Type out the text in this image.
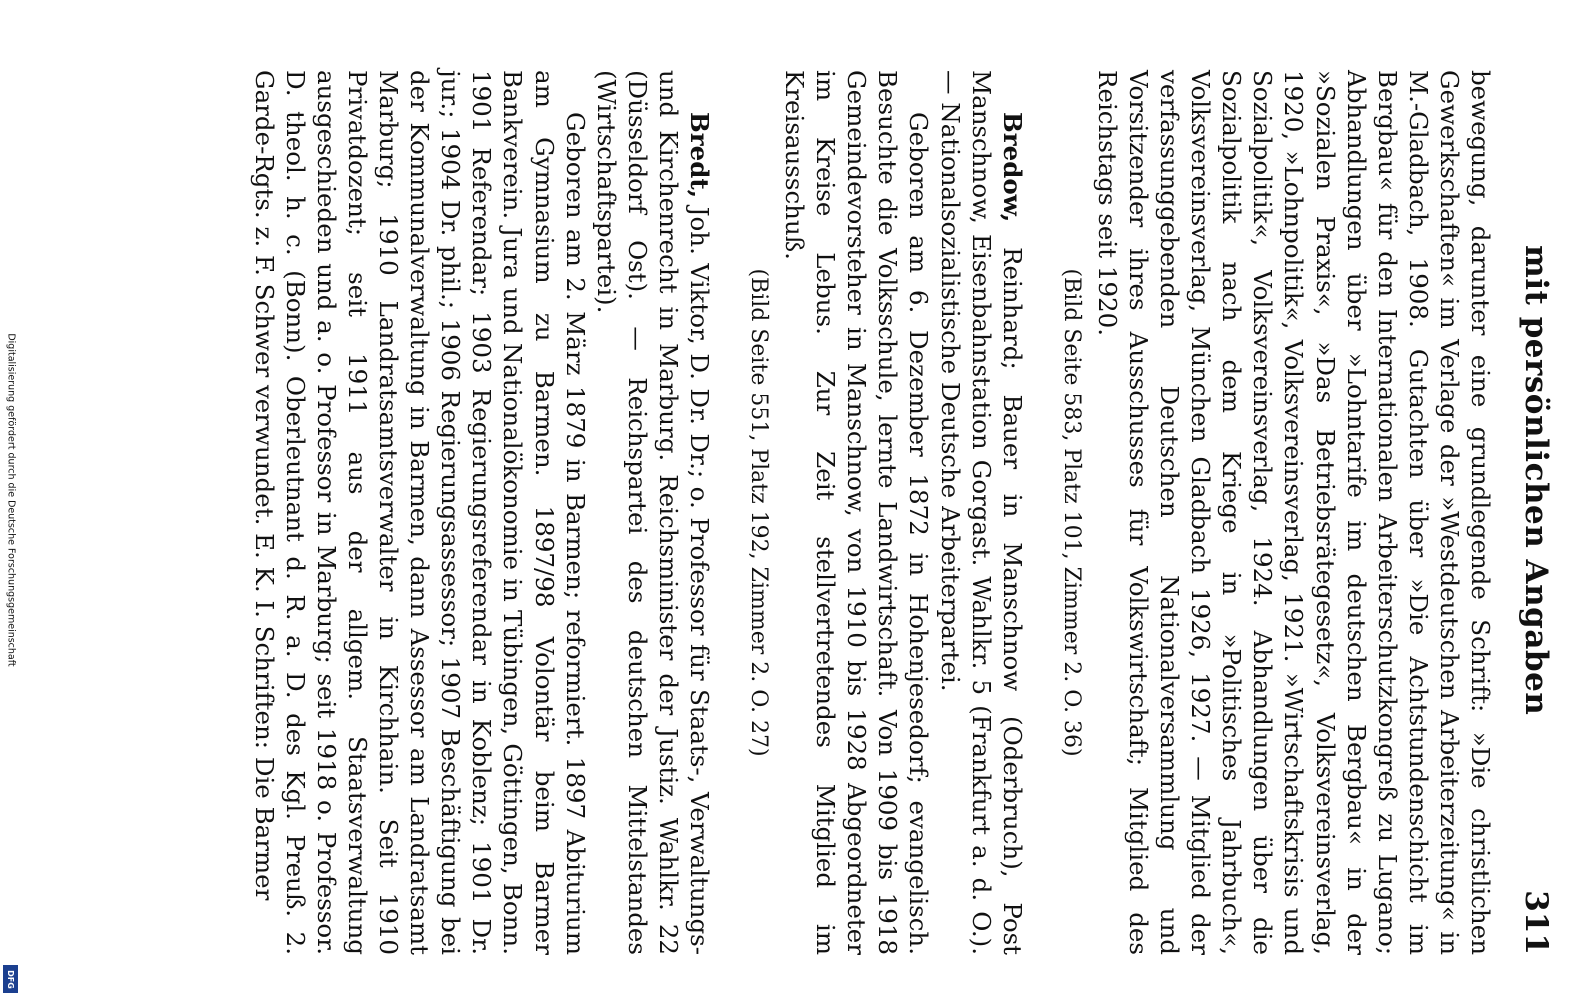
Digitalisierung gefördert durch die Deutsche Forschungsgemeinschaft
DFG
mit persönlichen Angaben
311

bewegung, darunter eine grundlegende Schrift: »Die christlichen Gewerkschaften« im Verlage der »Westdeutschen Arbeiterzeitung« in M.-Gladbach, 1908. Gutachten über »Die Achtstundenschicht im Bergbau« für den Internationalen Arbeiterschutzkongreß zu Lugano; Abhandlungen über »Lohntarife im deutschen Bergbau« in der »Sozialen Praxis«, »Das Betriebsrätegesetz«, Volksvereinsverlag, 1920, »Lohnpolitik«, Volksvereinsverlag, 1921. »Wirtschaftskrisis und Sozialpolitik«, Volksvereinsverlag, 1924. Abhandlungen über die Sozialpolitik nach dem Kriege in »Politisches Jahrbuch«, Volksvereinsverlag, München Gladbach 1926, 1927. — Mitglied der verfassunggebenden Deutschen Nationalversammlung und Vorsitzender ihres Ausschusses für Volkswirtschaft; Mitglied des Reichstags seit 1920.

(Bild Seite 583, Platz 101, Zimmer 2. O. 36)

Bredow, Reinhard; Bauer in Manschnow (Oderbruch), Post Manschnow, Eisenbahnstation Gorgast. Wahlkr. 5 (Frankfurt a. d. O.). — Nationalsozialistische Deutsche Arbeiterpartei.

Geboren am 6. Dezember 1872 in Hohenjesedorf; evangelisch. Besuchte die Volksschule, lernte Landwirtschaft. Von 1909 bis 1918 Gemeindevorsteher in Manschnow, von 1910 bis 1928 Abgeordneter im Kreise Lebus. Zur Zeit stellvertretendes Mitglied im Kreisausschuß.

(Bild Seite 551, Platz 192, Zimmer 2. O. 27)

Bredt, Joh. Viktor, D. Dr. Dr.; o. Professor für Staats-, Verwaltungs- und Kirchenrecht in Marburg. Reichsminister der Justiz. Wahlkr. 22 (Düsseldorf Ost). — Reichspartei des deutschen Mittelstandes (Wirtschaftspartei).

Geboren am 2. März 1879 in Barmen; reformiert. 1897 Abiturium am Gymnasium zu Barmen. 1897/98 Volontär beim Barmer Bankverein. Jura und Nationalökonomie in Tübingen, Göttingen, Bonn. 1901 Referendar; 1903 Regierungsreferendar in Koblenz; 1901 Dr. jur.; 1904 Dr. phil.; 1906 Regierungsassessor; 1907 Beschäftigung bei der Kommunalverwaltung in Barmen, dann Assessor am Landratsamt Marburg; 1910 Landratsamtsverwalter in Kirchhain. Seit 1910 Privatdozent; seit 1911 aus der allgem. Staatsverwaltung ausgeschieden und a. o. Professor in Marburg; seit 1918 o. Professor. D. theol. h. c. (Bonn). Oberleutnant d. R. a. D. des Kgl. Preuß. 2. Garde-Rgts. z. F. Schwer verwundet. E. K. I. Schriften: Die Barmer
